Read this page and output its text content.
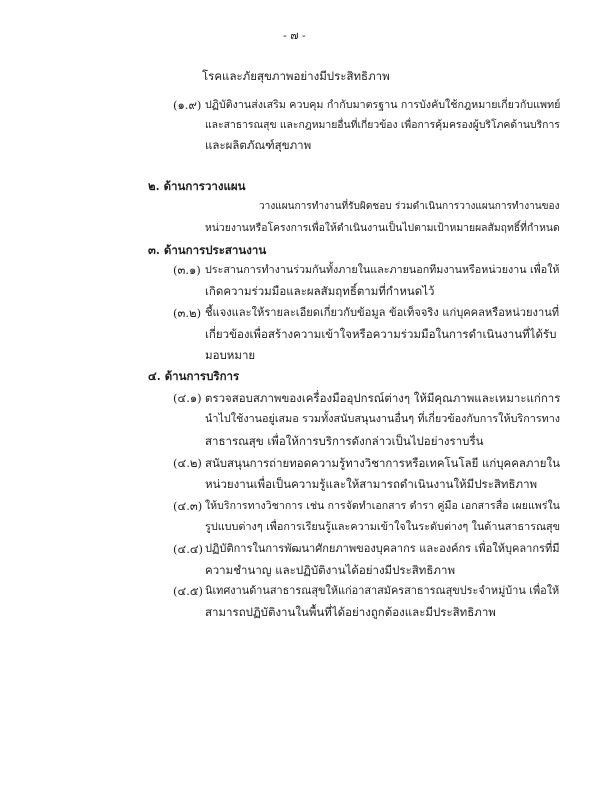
- ๗ -
โรคและภัยสุขภาพอย่างมีประสิทธิภาพ
(๑.๙) ปฏิบัติงานส่งเสริม ควบคุม กำกับมาตรฐาน การบังคับใช้กฎหมายเกี่ยวกับแพทย์
และสาธารณสุข และกฎหมายอื่นที่เกี่ยวข้อง เพื่อการคุ้มครองผู้บริโภคด้านบริการ
และผลิตภัณฑ์สุขภาพ
๒. ด้านการวางแผน
วางแผนการทำงานที่รับผิดชอบ ร่วมดำเนินการวางแผนการทำงานของ
หน่วยงานหรือโครงการเพื่อให้ดำเนินงานเป็นไปตามเป้าหมายผลสัมฤทธิ์ที่กำหนด
๓. ด้านการประสานงาน
(๓.๑) ประสานการทำงานร่วมกันทั้งภายในและภายนอกทีมงานหรือหน่วยงาน เพื่อให้
เกิดความร่วมมือและผลสัมฤทธิ์ตามที่กำหนดไว้
(๓.๒) ชี้แจงและให้รายละเอียดเกี่ยวกับข้อมูล ข้อเท็จจริง แก่บุคคลหรือหน่วยงานที่
เกี่ยวข้องเพื่อสร้างความเข้าใจหรือความร่วมมือในการดำเนินงานที่ได้รับ
มอบหมาย
๔. ด้านการบริการ
(๔.๑) ตรวจสอบสภาพของเครื่องมืออุปกรณ์ต่างๆ ให้มีคุณภาพและเหมาะแก่การ
นำไปใช้งานอยู่เสมอ รวมทั้งสนับสนุนงานอื่นๆ ที่เกี่ยวข้องกับการให้บริการทาง
สาธารณสุข เพื่อให้การบริการดังกล่าวเป็นไปอย่างราบรื่น
(๔.๒) สนับสนุนการถ่ายทอดความรู้ทางวิชาการหรือเทคโนโลยี แก่บุคคลภายใน
หน่วยงานเพื่อเป็นความรู้และให้สามารถดำเนินงานให้มีประสิทธิภาพ
(๔.๓) ให้บริการทางวิชาการ เช่น การจัดทำเอกสาร ตำรา คู่มือ เอกสารสื่อ เผยแพร่ใน
รูปแบบต่างๆ เพื่อการเรียนรู้และความเข้าใจในระดับต่างๆ ในด้านสาธารณสุข
(๔.๔) ปฏิบัติการในการพัฒนาศักยภาพของบุคลากร และองค์กร เพื่อให้บุคลากรที่มี
ความชำนาญ และปฏิบัติงานได้อย่างมีประสิทธิภาพ
(๔.๕) นิเทศงานด้านสาธารณสุขให้แก่อาสาสมัครสาธารณสุขประจำหมู่บ้าน เพื่อให้
สามารถปฏิบัติงานในพื้นที่ได้อย่างถูกต้องและมีประสิทธิภาพ
